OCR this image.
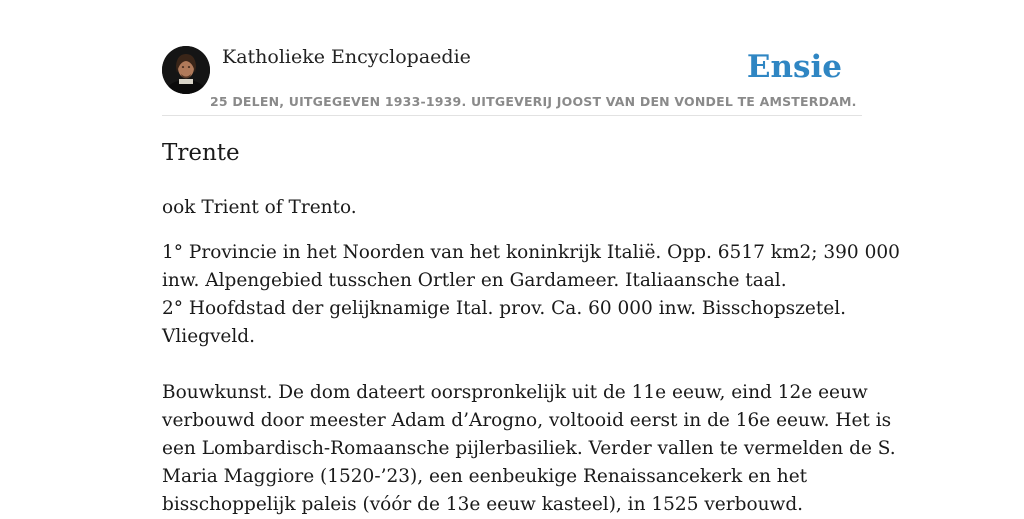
Katholieke Encyclopaedie	Ensie
25 DELEN, UITGEGEVEN 1933-1939. UITGEVERIJ JOOST VAN DEN VONDEL TE AMSTERDAM.
Trente

ook Trient of Trento.

1° Provincie in het Noorden van het koninkrijk Italië. Opp. 6517 km2; 390 000
inw. Alpengebied tusschen Ortler en Gardameer. Italiaansche taal.
2° Hoofdstad der gelijknamige Ital. prov. Ca. 60 000 inw. Bisschopszetel.
Vliegveld.
Bouwkunst. De dom dateert oorspronkelijk uit de 11e eeuw, eind 12e eeuw
verbouwd door meester Adam d’Arogno, voltooid eerst in de 16e eeuw. Het is
een Lombardisch-Romaansche pijlerbasiliek. Verder vallen te vermelden de S.
Maria Maggiore (1520-’23), een eenbeukige Renaissancekerk en het
bisschoppelijk paleis (vóór de 13e eeuw kasteel), in 1525 verbouwd.
